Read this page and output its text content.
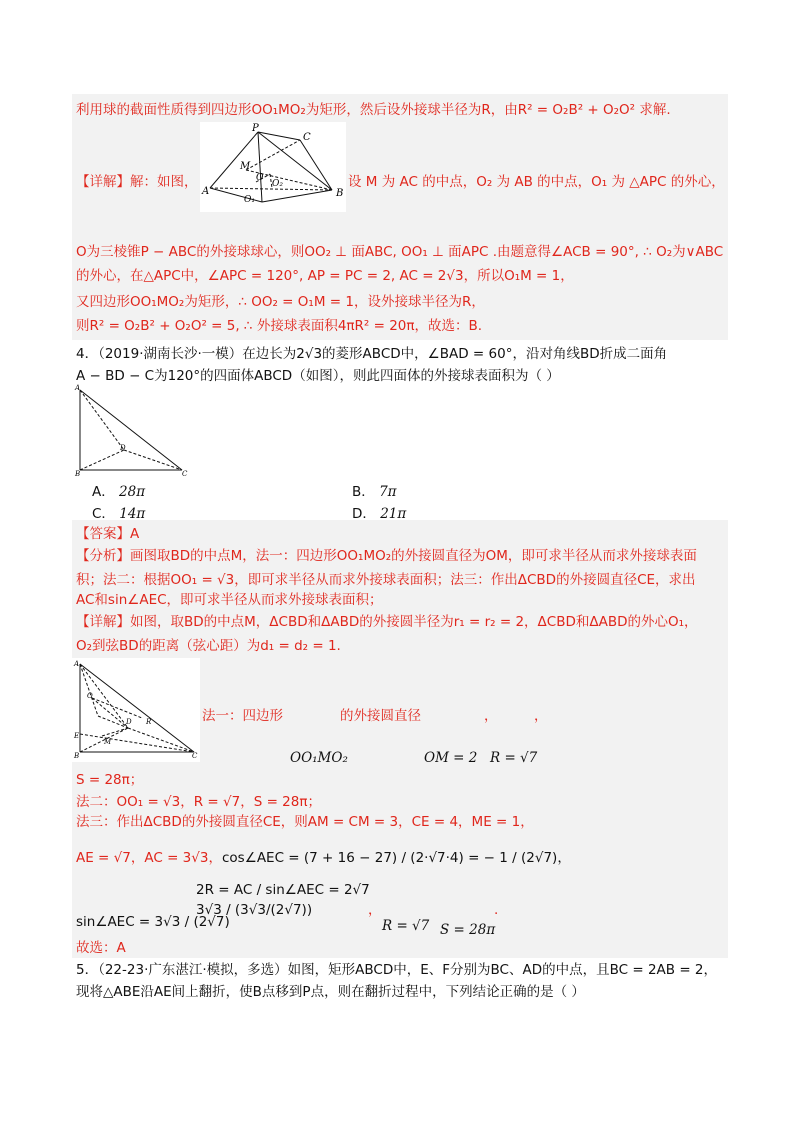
利用球的截面性质得到四边形OO₁MO₂为矩形，然后设外接球半径为R，由R² = O₂B² + O₂O² 求解.
P
C
M
A
O
O₂
O₁
B
【详解】解：如图，	设 M 为 AC 的中点，O₂ 为 AB 的中点，O₁ 为 △APC 的外心，
O为三棱锥P − ABC的外接球球心，则OO₂ ⊥ 面ABC, OO₁ ⊥ 面APC .由题意得∠ACB = 90°, ∴ O₂为∨ABC
的外心，在△APC中，∠APC = 120°, AP = PC = 2, AC = 2√3，所以O₁M = 1，
又四边形OO₁MO₂为矩形，∴ OO₂ = O₁M = 1，设外接球半径为R，
则R² = O₂B² + O₂O² = 5, ∴ 外接球表面积4πR² = 20π，故选：B.
4．（2019·湖南长沙·一模）在边长为2√3的菱形ABCD中，∠BAD = 60°，沿对角线BD折成二面角
A − BD − C为120°的四面体ABCD（如图），则此四面体的外接球表面积为（ ）
A
D
B	C
A． 28π	B． 7π
C． 14π	D． 21π
【答案】A
【分析】画图取BD的中点M，法一：四边形OO₁MO₂的外接圆直径为OM，即可求半径从而求外接球表面
积；法二：根据OO₁ = √3，即可求半径从而求外接球表面积；法三：作出ΔCBD的外接圆直径CE，求出
AC和sin∠AEC，即可求半径从而求外接球表面积；
【详解】如图，取BD的中点M，ΔCBD和ΔABD的外接圆半径为r₁ = r₂ = 2，ΔCBD和ΔABD的外心O₁，
O₂到弦BD的距离（弦心距）为d₁ = d₂ = 1.
A
O
R
D
M
E
B	C
法一：四边形	的外接圆直径	，	，
OO₁MO₂	OM = 2 R = √7
S = 28π；
法二：OO₁ = √3，R = √7，S = 28π；
法三：作出ΔCBD的外接圆直径CE，则AM = CM = 3，CE = 4，ME = 1，
AE = √7，AC = 3√3， cos∠AEC = (7 + 16 − 27) / (2·√7·4) = − 1 / (2√7)，
2R = AC / sin∠AEC = 2√7
3√3 / (3√3/(2√7))
sin∠AEC = 3√3 / (2√7)
，
R = √7 S = 28π
.
故选：A
5．（22-23·广东湛江·模拟，多选）如图，矩形ABCD中，E、F分别为BC、AD的中点，且BC = 2AB = 2，
现将△ABE沿AE间上翻折，使B点移到P点，则在翻折过程中，下列结论正确的是（ ）
